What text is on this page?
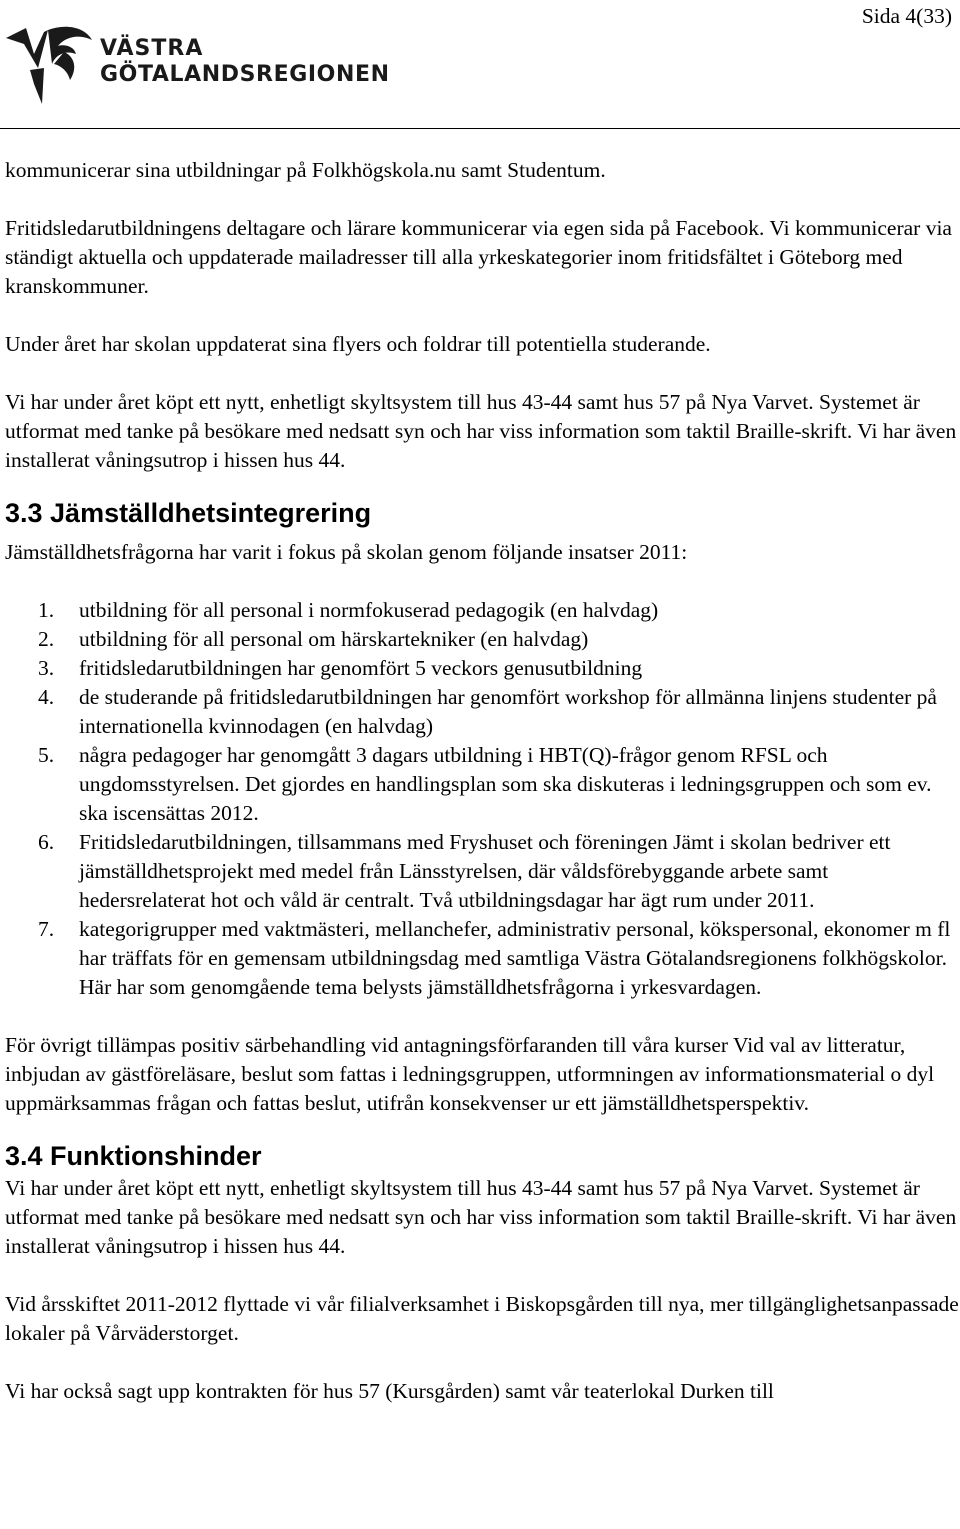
Sida 4(33)
VÄSTRA
GÖTALANDSREGIONEN

kommunicerar sina utbildningar på Folkhögskola.nu samt Studentum.

Fritidsledarutbildningens deltagare och lärare kommunicerar via egen sida på Facebook. Vi kommunicerar via ständigt aktuella och uppdaterade mailadresser till alla yrkeskategorier inom fritidsfältet i Göteborg med kranskommuner.

Under året har skolan uppdaterat sina flyers och foldrar till potentiella studerande.

Vi har under året köpt ett nytt, enhetligt skyltsystem till hus 43-44 samt hus 57 på Nya Varvet. Systemet är utformat med tanke på besökare med nedsatt syn och har viss information som taktil Braille-skrift. Vi har även installerat våningsutrop i hissen hus 44.

3.3 Jämställdhetsintegrering

Jämställdhetsfrågorna har varit i fokus på skolan genom följande insatser 2011:

1. utbildning för all personal i normfokuserad pedagogik (en halvdag)
2. utbildning för all personal om härskartekniker (en halvdag)
3. fritidsledarutbildningen har genomfört 5 veckors genusutbildning
4. de studerande på fritidsledarutbildningen har genomfört workshop för allmänna linjens studenter på internationella kvinnodagen (en halvdag)
5. några pedagoger har genomgått 3 dagars utbildning i HBT(Q)-frågor genom RFSL och ungdomsstyrelsen. Det gjordes en handlingsplan som ska diskuteras i ledningsgruppen och som ev. ska iscensättas 2012.
6. Fritidsledarutbildningen, tillsammans med Fryshuset och föreningen Jämt i skolan bedriver ett jämställdhetsprojekt med medel från Länsstyrelsen, där våldsförebyggande arbete samt hedersrelaterat hot och våld är centralt. Två utbildningsdagar har ägt rum under 2011.
7. kategorigrupper med vaktmästeri, mellanchefer, administrativ personal, kökspersonal, ekonomer m fl har träffats för en gemensam utbildningsdag med samtliga Västra Götalandsregionens folkhögskolor. Här har som genomgående tema belysts jämställdhetsfrågorna i yrkesvardagen.

För övrigt tillämpas positiv särbehandling vid antagningsförfaranden till våra kurser Vid val av litteratur, inbjudan av gästföreläsare, beslut som fattas i ledningsgruppen, utformningen av informationsmaterial o dyl uppmärksammas frågan och fattas beslut, utifrån konsekvenser ur ett jämställdhetsperspektiv.

3.4 Funktionshinder

Vi har under året köpt ett nytt, enhetligt skyltsystem till hus 43-44 samt hus 57 på Nya Varvet. Systemet är utformat med tanke på besökare med nedsatt syn och har viss information som taktil Braille-skrift. Vi har även installerat våningsutrop i hissen hus 44.

Vid årsskiftet 2011-2012 flyttade vi vår filialverksamhet i Biskopsgården till nya, mer tillgänglighetsanpassade lokaler på Vårväderstorget.

Vi har också sagt upp kontrakten för hus 57 (Kursgården) samt vår teaterlokal Durken till
